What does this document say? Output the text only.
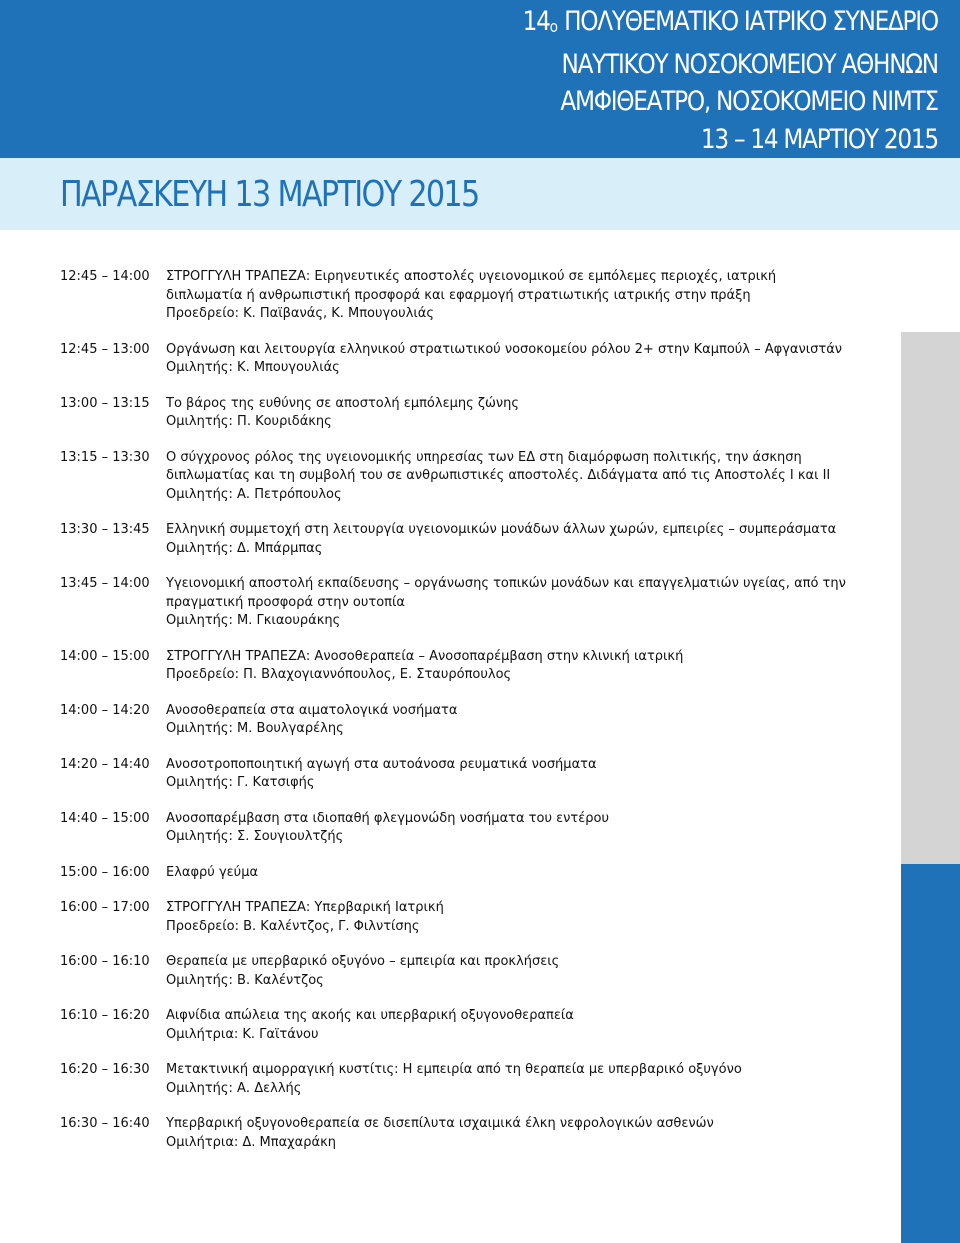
$14_o$ ΠΟΛΥΘΕΜΑΤΙΚΟ ΙΑΤΡΙΚΟ ΣΥΝΕΔΡΙΟ
ΝΑΥΤΙΚΟΥ ΝΟΣΟΚΟΜΕΙΟΥ ΑΘΗΝΩΝ
ΑΜΦΙΘΕΑΤΡΟ, ΝΟΣΟΚΟΜΕΙΟ ΝΙΜΤΣ
13 – 14 ΜΑΡΤΙΟΥ 2015
ΠΑΡΑΣΚΕΥΗ 13 ΜΑΡΤΙΟΥ 2015
12:45 – 14:00	ΣΤΡΟΓΓΥΛΗ ΤΡΑΠΕΖΑ: Ειρηνευτικές αποστολές υγειονομικού σε εμπόλεμες περιοχές, ιατρική
διπλωματία ή ανθρωπιστική προσφορά και εφαρμογή στρατιωτικής ιατρικής στην πράξη
Προεδρείο: Κ. Παϊβανάς, Κ. Μπουγουλιάς
12:45 – 13:00	Οργάνωση και λειτουργία ελληνικού στρατιωτικού νοσοκομείου ρόλου 2+ στην Καμπούλ – Αφγανιστάν
Ομιλητής: Κ. Μπουγουλιάς
13:00 – 13:15	Το βάρος της ευθύνης σε αποστολή εμπόλεμης ζώνης
Ομιλητής: Π. Κουριδάκης
13:15 – 13:30	Ο σύγχρονος ρόλος της υγειονομικής υπηρεσίας των ΕΔ στη διαμόρφωση πολιτικής, την άσκηση
διπλωματίας και τη συμβολή του σε ανθρωπιστικές αποστολές. Διδάγματα από τις Αποστολές Ι και ΙΙ
Ομιλητής: Α. Πετρόπουλος
13:30 – 13:45	Ελληνική συμμετοχή στη λειτουργία υγειονομικών μονάδων άλλων χωρών, εμπειρίες – συμπεράσματα
Ομιλητής: Δ. Μπάρμπας
13:45 – 14:00	Υγειονομική αποστολή εκπαίδευσης – οργάνωσης τοπικών μονάδων και επαγγελματιών υγείας, από την
πραγματική προσφορά στην ουτοπία
Ομιλητής: Μ. Γκιαουράκης
14:00 – 15:00	ΣΤΡΟΓΓΥΛΗ ΤΡΑΠΕΖΑ: Ανοσοθεραπεία – Ανοσοπαρέμβαση στην κλινική ιατρική
Προεδρείο: Π. Βλαχογιαννόπουλος, Ε. Σταυρόπουλος
14:00 – 14:20	Ανοσοθεραπεία στα αιματολογικά νοσήματα
Ομιλητής: Μ. Βουλγαρέλης
14:20 – 14:40	Ανοσοτροποποιητική αγωγή στα αυτοάνοσα ρευματικά νοσήματα
Ομιλητής: Γ. Κατσιφής
14:40 – 15:00	Ανοσοπαρέμβαση στα ιδιοπαθή φλεγμονώδη νοσήματα του εντέρου
Ομιλητής: Σ. Σουγιουλτζής
15:00 – 16:00	Ελαφρύ γεύμα
16:00 – 17:00	ΣΤΡΟΓΓΥΛΗ ΤΡΑΠΕΖΑ: Υπερβαρική Ιατρική
Προεδρείο: Β. Καλέντζος, Γ. Φιλντίσης
16:00 – 16:10	Θεραπεία με υπερβαρικό οξυγόνο – εμπειρία και προκλήσεις
Ομιλητής: Β. Καλέντζος
16:10 – 16:20	Αιφνίδια απώλεια της ακοής και υπερβαρική οξυγονοθεραπεία
Ομιλήτρια: Κ. Γαϊτάνου
16:20 – 16:30	Μετακτινική αιμορραγική κυστίτις: Η εμπειρία από τη θεραπεία με υπερβαρικό οξυγόνο
Ομιλητής: Α. Δελλής
16:30 – 16:40	Υπερβαρική οξυγονοθεραπεία σε δισεπίλυτα ισχαιμικά έλκη νεφρολογικών ασθενών
Ομιλήτρια: Δ. Μπαχαράκη
